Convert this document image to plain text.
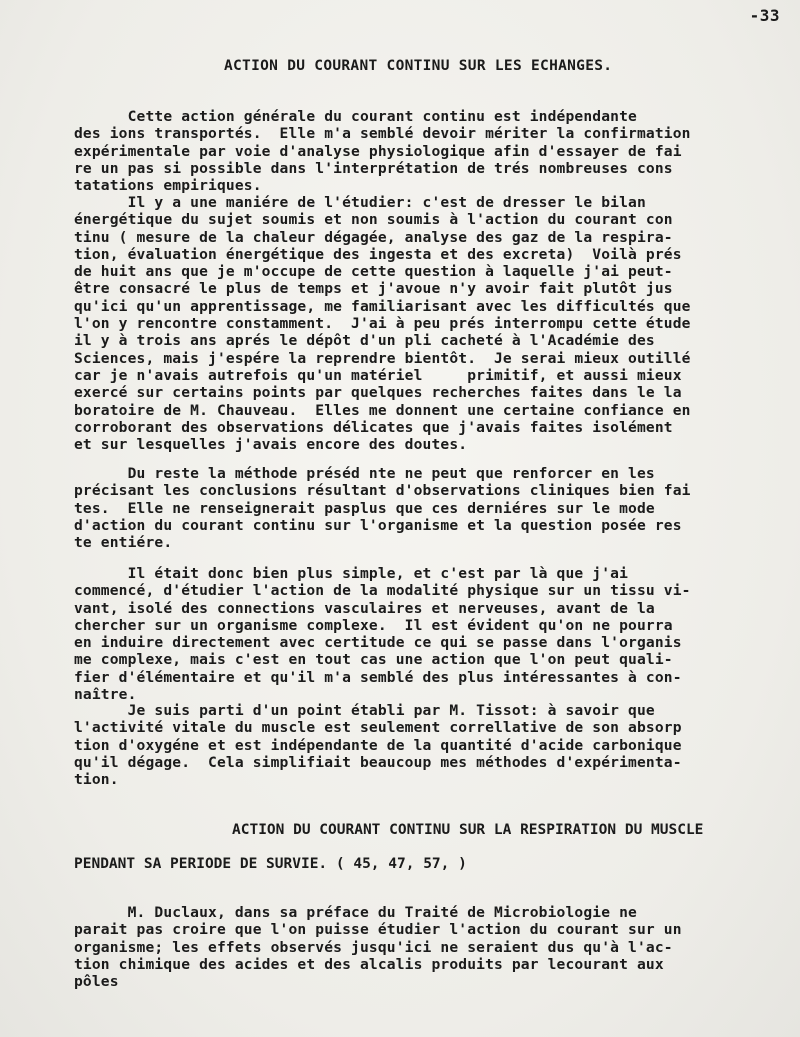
-33
ACTION DU COURANT CONTINU SUR LES ECHANGES.
Cette action générale du courant continu est indépendante
des ions transportés.  Elle m'a semblé devoir mériter la confirmation
expérimentale par voie d'analyse physiologique afin d'essayer de fai
re un pas si possible dans l'interprétation de trés nombreuses cons
tatations empiriques.
Il y a une maniére de l'étudier: c'est de dresser le bilan
énergétique du sujet soumis et non soumis à l'action du courant con
tinu ( mesure de la chaleur dégagée, analyse des gaz de la respira-
tion, évaluation énergétique des ingesta et des excreta)  Voilà prés
de huit ans que je m'occupe de cette question à laquelle j'ai peut-
être consacré le plus de temps et j'avoue n'y avoir fait plutôt jus
qu'ici qu'un apprentissage, me familiarisant avec les difficultés que
l'on y rencontre constamment.  J'ai à peu prés interrompu cette étude
il y à trois ans aprés le dépôt d'un pli cacheté à l'Académie des
Sciences, mais j'espére la reprendre bientôt.  Je serai mieux outillé
car je n'avais autrefois qu'un matériel     primitif, et aussi mieux
exercé sur certains points par quelques recherches faites dans le la
boratoire de M. Chauveau.  Elles me donnent une certaine confiance en
corroborant des observations délicates que j'avais faites isolément
et sur lesquelles j'avais encore des doutes.
Du reste la méthode préséd nte ne peut que renforcer en les
précisant les conclusions résultant d'observations cliniques bien fai
tes.  Elle ne renseignerait pasplus que ces derniéres sur le mode
d'action du courant continu sur l'organisme et la question posée res
te entiére.
Il était donc bien plus simple, et c'est par là que j'ai
commencé, d'étudier l'action de la modalité physique sur un tissu vi-
vant, isolé des connections vasculaires et nerveuses, avant de la
chercher sur un organisme complexe.  Il est évident qu'on ne pourra
en induire directement avec certitude ce qui se passe dans l'organis
me complexe, mais c'est en tout cas une action que l'on peut quali-
fier d'élémentaire et qu'il m'a semblé des plus intéressantes à con-
naître.
Je suis parti d'un point établi par M. Tissot: à savoir que
l'activité vitale du muscle est seulement correllative de son absorp
tion d'oxygéne et est indépendante de la quantité d'acide carbonique
qu'il dégage.  Cela simplifiait beaucoup mes méthodes d'expérimenta-
tion.
ACTION DU COURANT CONTINU SUR LA RESPIRATION DU MUSCLE
PENDANT SA PERIODE DE SURVIE. ( 45, 47, 57, )
M. Duclaux, dans sa préface du Traité de Microbiologie ne
parait pas croire que l'on puisse étudier l'action du courant sur un
organisme; les effets observés jusqu'ici ne seraient dus qu'à l'ac-
tion chimique des acides et des alcalis produits par lecourant aux
pôles
